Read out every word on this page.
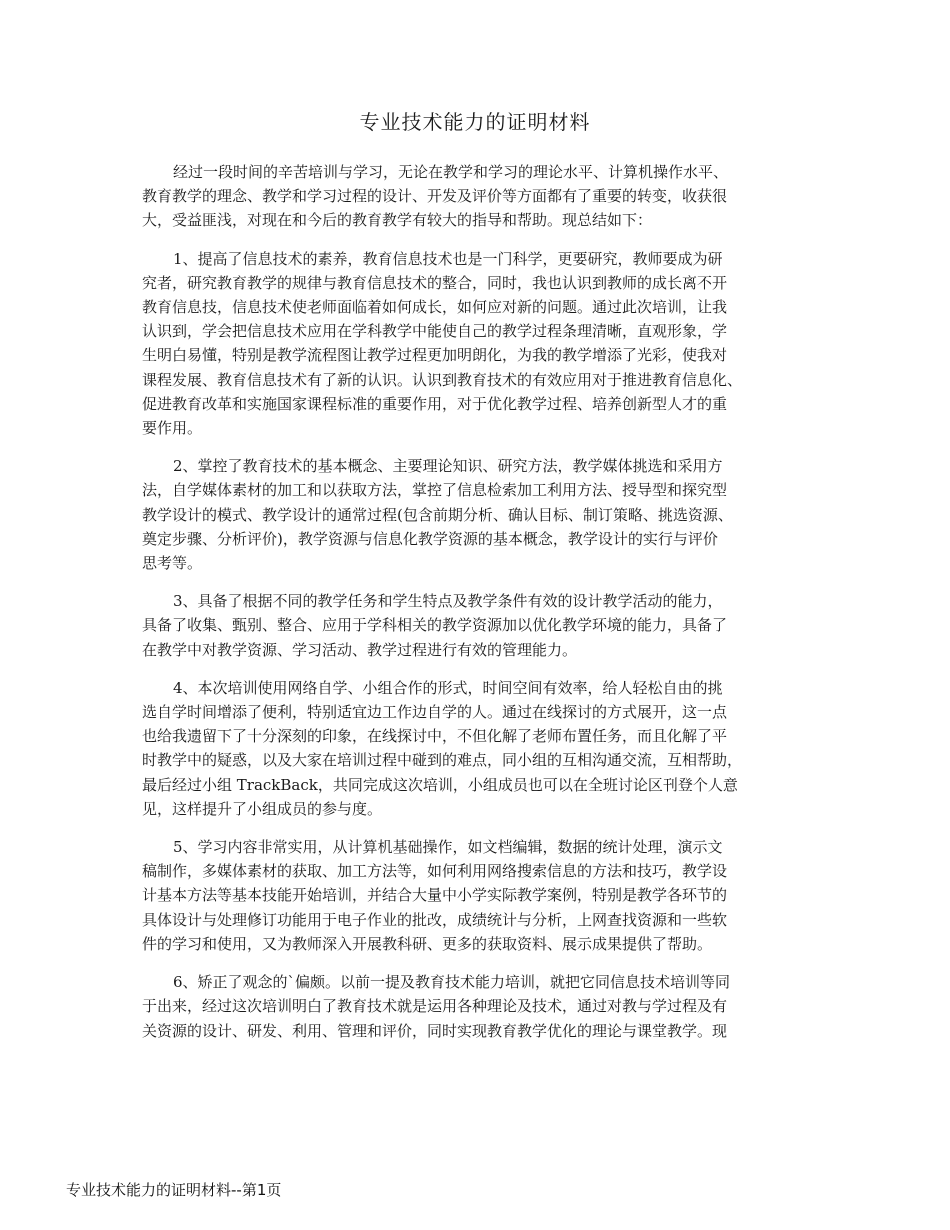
专业技术能力的证明材料
经过一段时间的辛苦培训与学习，无论在教学和学习的理论水平、计算机操作水平、
教育教学的理念、教学和学习过程的设计、开发及评价等方面都有了重要的转变，收获很
大，受益匪浅，对现在和今后的教育教学有较大的指导和帮助。现总结如下：
1、提高了信息技术的素养，教育信息技术也是一门科学，更要研究，教师要成为研
究者，研究教育教学的规律与教育信息技术的整合，同时，我也认识到教师的成长离不开
教育信息技，信息技术使老师面临着如何成长，如何应对新的问题。通过此次培训，让我
认识到，学会把信息技术应用在学科教学中能使自己的教学过程条理清晰，直观形象，学
生明白易懂，特别是教学流程图让教学过程更加明朗化，为我的教学增添了光彩，使我对
课程发展、教育信息技术有了新的认识。认识到教育技术的有效应用对于推进教育信息化、
促进教育改革和实施国家课程标准的重要作用，对于优化教学过程、培养创新型人才的重
要作用。
2、掌控了教育技术的基本概念、主要理论知识、研究方法，教学媒体挑选和采用方
法，自学媒体素材的加工和以获取方法，掌控了信息检索加工利用方法、授导型和探究型
教学设计的模式、教学设计的通常过程(包含前期分析、确认目标、制订策略、挑选资源、
奠定步骤、分析评价)，教学资源与信息化教学资源的基本概念，教学设计的实行与评价
思考等。
3、具备了根据不同的教学任务和学生特点及教学条件有效的设计教学活动的能力，
具备了收集、甄别、整合、应用于学科相关的教学资源加以优化教学环境的能力，具备了
在教学中对教学资源、学习活动、教学过程进行有效的管理能力。
4、本次培训使用网络自学、小组合作的形式，时间空间有效率，给人轻松自由的挑
选自学时间增添了便利，特别适宜边工作边自学的人。通过在线探讨的方式展开，这一点
也给我遗留下了十分深刻的印象，在线探讨中，不但化解了老师布置任务，而且化解了平
时教学中的疑惑，以及大家在培训过程中碰到的难点，同小组的互相沟通交流，互相帮助，
最后经过小组 TrackBack，共同完成这次培训，小组成员也可以在全班讨论区刊登个人意
见，这样提升了小组成员的参与度。
5、学习内容非常实用，从计算机基础操作，如文档编辑，数据的统计处理，演示文
稿制作，多媒体素材的获取、加工方法等，如何利用网络搜索信息的方法和技巧，教学设
计基本方法等基本技能开始培训，并结合大量中小学实际教学案例，特别是教学各环节的
具体设计与处理修订功能用于电子作业的批改，成绩统计与分析，上网查找资源和一些软
件的学习和使用，又为教师深入开展教科研、更多的获取资料、展示成果提供了帮助。
6、矫正了观念的`偏颇。以前一提及教育技术能力培训，就把它同信息技术培训等同
于出来，经过这次培训明白了教育技术就是运用各种理论及技术，通过对教与学过程及有
关资源的设计、研发、利用、管理和评价，同时实现教育教学优化的理论与课堂教学。现
专业技术能力的证明材料--第1页
